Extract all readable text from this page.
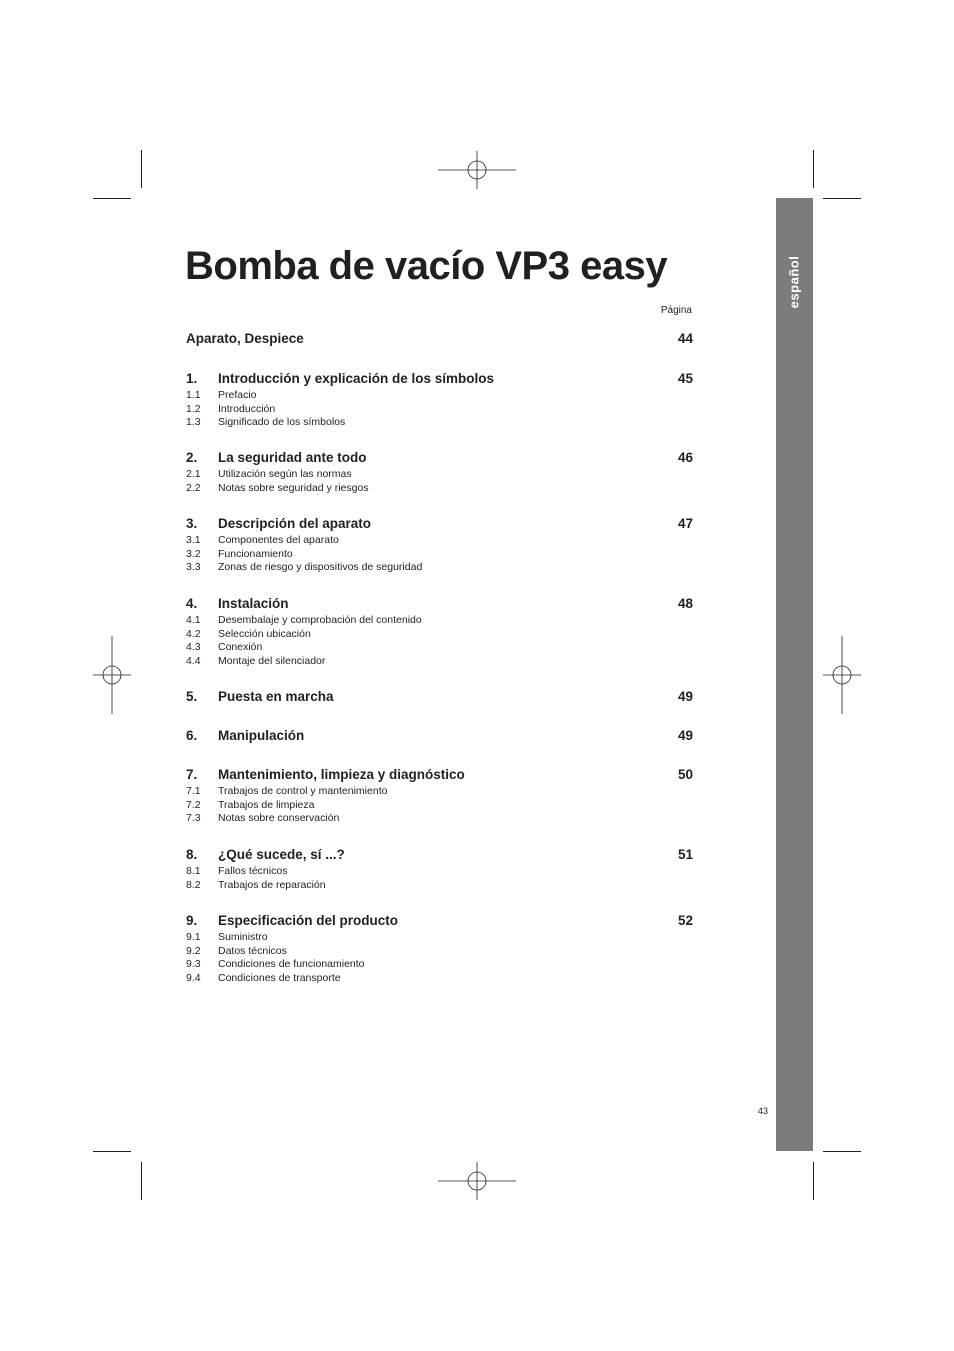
español
Bomba de vacío VP3 easy
Página
Aparato, Despiece	44
1. Introducción y explicación de los símbolos	45
1.1 Prefacio
1.2 Introducción
1.3 Significado de los símbolos
2. La seguridad ante todo	46
2.1 Utilización según las normas
2.2 Notas sobre seguridad y riesgos
3. Descripción del aparato	47
3.1 Componentes del aparato
3.2 Funcionamiento
3.3 Zonas de riesgo y dispositivos de seguridad
4. Instalación	48
4.1 Desembalaje y comprobación del contenido
4.2 Selección ubicación
4.3 Conexión
4.4 Montaje del silenciador
5. Puesta en marcha	49
6. Manipulación	49
7. Mantenimiento, limpieza y diagnóstico	50
7.1 Trabajos de control y mantenimiento
7.2 Trabajos de limpieza
7.3 Notas sobre conservación
8. ¿Qué sucede, sí ...?	51
8.1 Fallos técnicos
8.2 Trabajos de reparación
9. Especificación del producto	52
9.1 Suministro
9.2 Datos técnicos
9.3 Condiciones de funcionamiento
9.4 Condiciones de transporte
43
